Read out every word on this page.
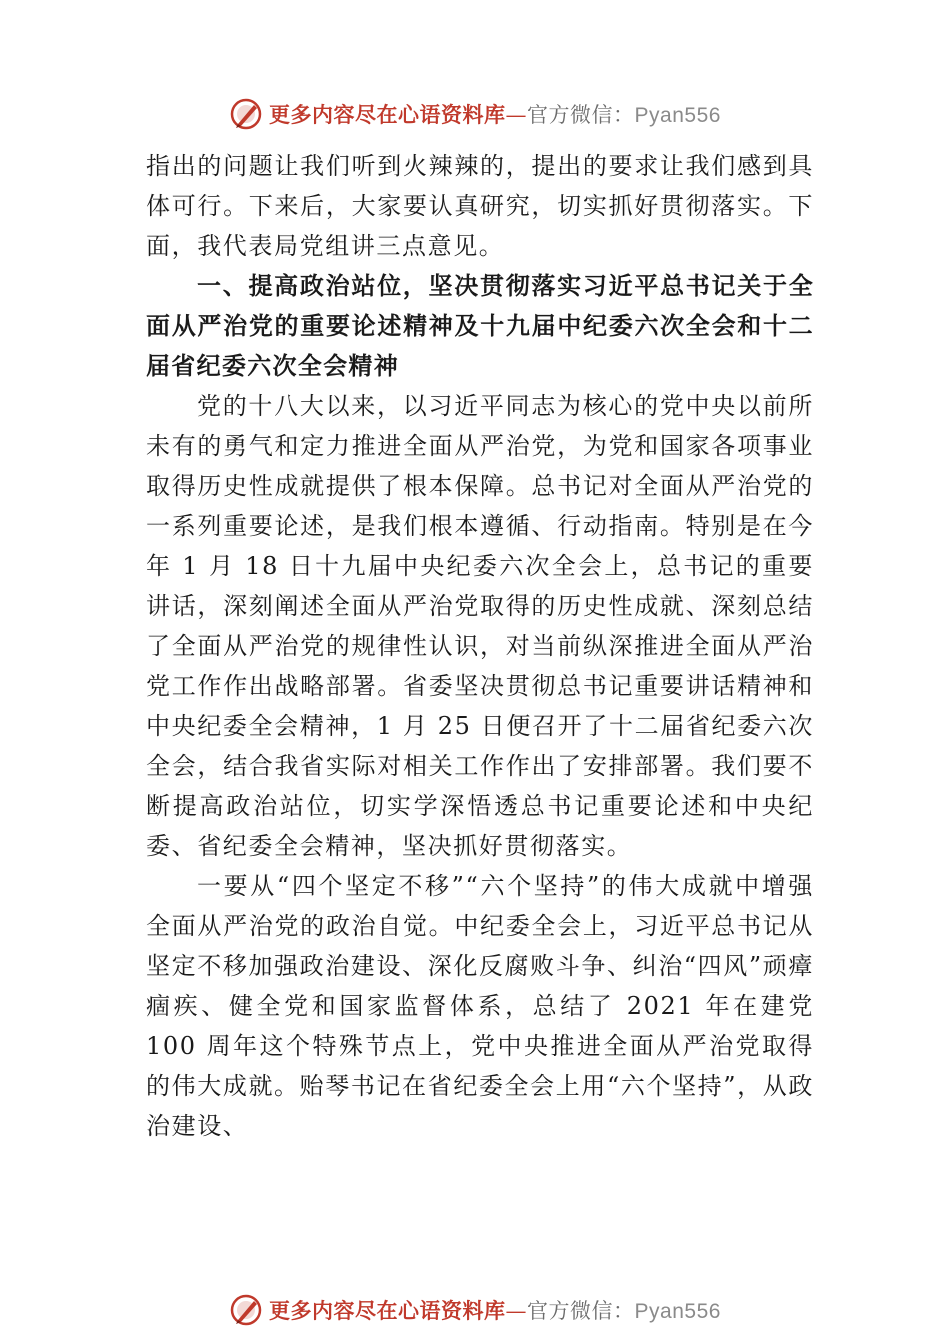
更多内容尽在心语资料库—官方微信：Pyan556

指出的问题让我们听到火辣辣的，提出的要求让我们感到具体可行。下来后，大家要认真研究，切实抓好贯彻落实。下面，我代表局党组讲三点意见。

一、提高政治站位，坚决贯彻落实习近平总书记关于全面从严治党的重要论述精神及十九届中纪委六次全会和十二届省纪委六次全会精神

党的十八大以来，以习近平同志为核心的党中央以前所未有的勇气和定力推进全面从严治党，为党和国家各项事业取得历史性成就提供了根本保障。总书记对全面从严治党的一系列重要论述，是我们根本遵循、行动指南。特别是在今年 1 月 18 日十九届中央纪委六次全会上，总书记的重要讲话，深刻阐述全面从严治党取得的历史性成就、深刻总结了全面从严治党的规律性认识，对当前纵深推进全面从严治党工作作出战略部署。省委坚决贯彻总书记重要讲话精神和中央纪委全会精神，1 月 25 日便召开了十二届省纪委六次全会，结合我省实际对相关工作作出了安排部署。我们要不断提高政治站位，切实学深悟透总书记重要论述和中央纪委、省纪委全会精神，坚决抓好贯彻落实。

一要从“四个坚定不移”“六个坚持”的伟大成就中增强全面从严治党的政治自觉。中纪委全会上，习近平总书记从坚定不移加强政治建设、深化反腐败斗争、纠治“四风”顽瘴痼疾、健全党和国家监督体系，总结了 2021 年在建党 100 周年这个特殊节点上，党中央推进全面从严治党取得的伟大成就。贻琴书记在省纪委全会上用“六个坚持”，从政治建设、

更多内容尽在心语资料库—官方微信：Pyan556
